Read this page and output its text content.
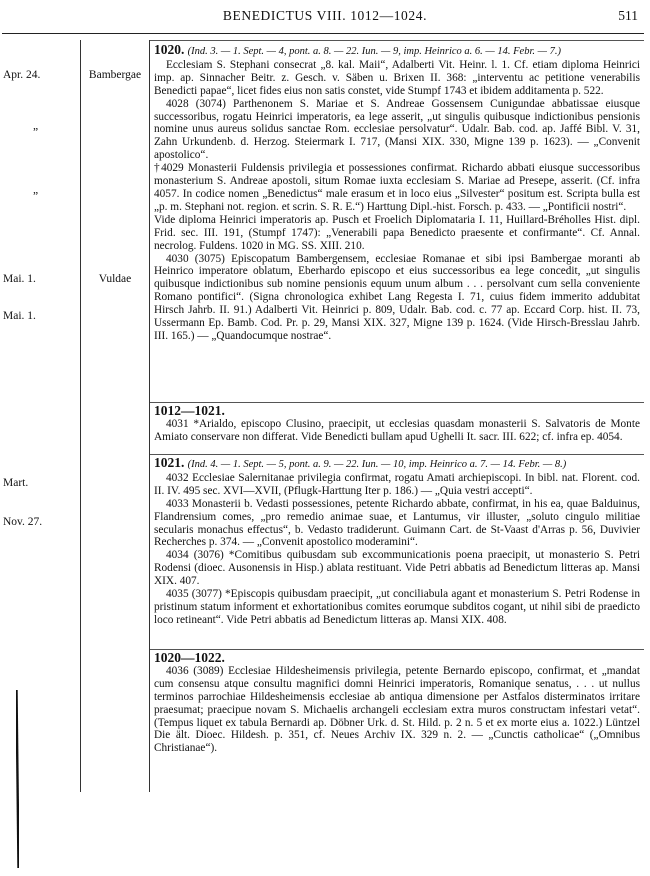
BENEDICTUS VIII. 1012—1024.	511
Apr. 24.	Bambergae
„
„
Mai. 1.	Vuldae
Mai. 1.
Mart.
Nov. 27.

1020. (Ind. 3. — 1. Sept. — 4, pont. a. 8. — 22. Iun. — 9, imp. Heinrico a. 6. — 14. Febr. — 7.)

Ecclesiam S. Stephani consecrat „8. kal. Maii“, Adalberti Vit. Heinr. l. 1. Cf. etiam diploma Heinrici imp. ap. Sinnacher Beitr. z. Gesch. v. Säben u. Brixen II. 368: „interventu ac petitione venerabilis Benedicti papae“, licet fides eius non satis constet, vide Stumpf 1743 et ibidem additamenta p. 522.

4028 (3074) Parthenonem S. Mariae et S. Andreae Gossensem Cunigundae abbatissae eiusque successoribus, rogatu Heinrici imperatoris, ea lege asserit, „ut singulis quibusque indictionibus pensionis nomine unus aureus solidus sanctae Rom. ecclesiae persolvatur“. Udalr. Bab. cod. ap. Jaffé Bibl. V. 31, Zahn Urkundenb. d. Herzog. Steiermark I. 717, (Mansi XIX. 330, Migne 139 p. 1623). — „Convenit apostolico“.

†4029 Monasterii Fuldensis privilegia et possessiones confirmat. Richardo abbati eiusque successoribus monasterium S. Andreae apostoli, situm Romae iuxta ecclesiam S. Mariae ad Presepe, asserit. (Cf. infra 4057. In codice nomen „Benedictus“ male erasum et in loco eius „Silvester“ positum est. Scripta bulla est „p. m. Stephani not. region. et scrin. S. R. E.“) Harttung Dipl.-hist. Forsch. p. 433. — „Pontificii nostri“.

Vide diploma Heinrici imperatoris ap. Pusch et Froelich Diplomataria I. 11, Huillard-Bréholles Hist. dipl. Frid. sec. III. 191, (Stumpf 1747): „Venerabili papa Benedicto praesente et confirmante“. Cf. Annal. necrolog. Fuldens. 1020 in MG. SS. XIII. 210.

4030 (3075) Episcopatum Bambergensem, ecclesiae Romanae et sibi ipsi Bambergae moranti ab Heinrico imperatore oblatum, Eberhardo episcopo et eius successoribus ea lege concedit, „ut singulis quibusque indictionibus sub nomine pensionis equum unum album . . . persolvant cum sella conveniente Romano pontifici“. (Signa chronologica exhibet Lang Regesta I. 71, cuius fidem immerito addubitat Hirsch Jahrb. II. 91.) Adalberti Vit. Heinrici p. 809, Udalr. Bab. cod. c. 77 ap. Eccard Corp. hist. II. 73, Ussermann Ep. Bamb. Cod. Pr. p. 29, Mansi XIX. 327, Migne 139 p. 1624. (Vide Hirsch-Bresslau Jahrb. III. 165.) — „Quandocumque nostrae“.

1012—1021.

4031 *Arialdo, episcopo Clusino, praecipit, ut ecclesias quasdam monasterii S. Salvatoris de Monte Amiato conservare non differat. Vide Benedicti bullam apud Ughelli It. sacr. III. 622; cf. infra ep. 4054.

1021. (Ind. 4. — 1. Sept. — 5, pont. a. 9. — 22. Iun. — 10, imp. Heinrico a. 7. — 14. Febr. — 8.)

4032 Ecclesiae Salernitanae privilegia confirmat, rogatu Amati archiepiscopi. In bibl. nat. Florent. cod. II. IV. 495 sec. XVI—XVII, (Pflugk-Harttung Iter p. 186.) — „Quia vestri accepti“.

4033 Monasterii b. Vedasti possessiones, petente Richardo abbate, confirmat, in his ea, quae Balduinus, Flandrensium comes, „pro remedio animae suae, et Lantumus, vir illuster, „soluto cingulo militiae secularis monachus effectus“, b. Vedasto tradiderunt. Guimann Cart. de St-Vaast d'Arras p. 56, Duvivier Recherches p. 374. — „Convenit apostolico moderamini“.

4034 (3076) *Comitibus quibusdam sub excommunicationis poena praecipit, ut monasterio S. Petri Rodensi (dioec. Ausonensis in Hisp.) ablata restituant. Vide Petri abbatis ad Benedictum litteras ap. Mansi XIX. 407.

4035 (3077) *Episcopis quibusdam praecipit, „ut conciliabula agant et monasterium S. Petri Rodense in pristinum statum informent et exhortationibus comites eorumque subditos cogant, ut nihil sibi de praedicto loco retineant“. Vide Petri abbatis ad Benedictum litteras ap. Mansi XIX. 408.

1020—1022.

4036 (3089) Ecclesiae Hildesheimensis privilegia, petente Bernardo episcopo, confirmat, et „mandat cum consensu atque consultu magnifici domni Heinrici imperatoris, Romanique senatus, . . . ut nullus terminos parrochiae Hildesheimensis ecclesiae ab antiqua dimensione per Astfalos disterminatos irritare praesumat; praecipue novam S. Michaelis archangeli ecclesiam extra muros constructam infestari vetat“. (Tempus liquet ex tabula Bernardi ap. Döbner Urk. d. St. Hild. p. 2 n. 5 et ex morte eius a. 1022.) Lüntzel Die ält. Dioec. Hildesh. p. 351, cf. Neues Archiv IX. 329 n. 2. — „Cunctis catholicae“ („Omnibus Christianae“).
